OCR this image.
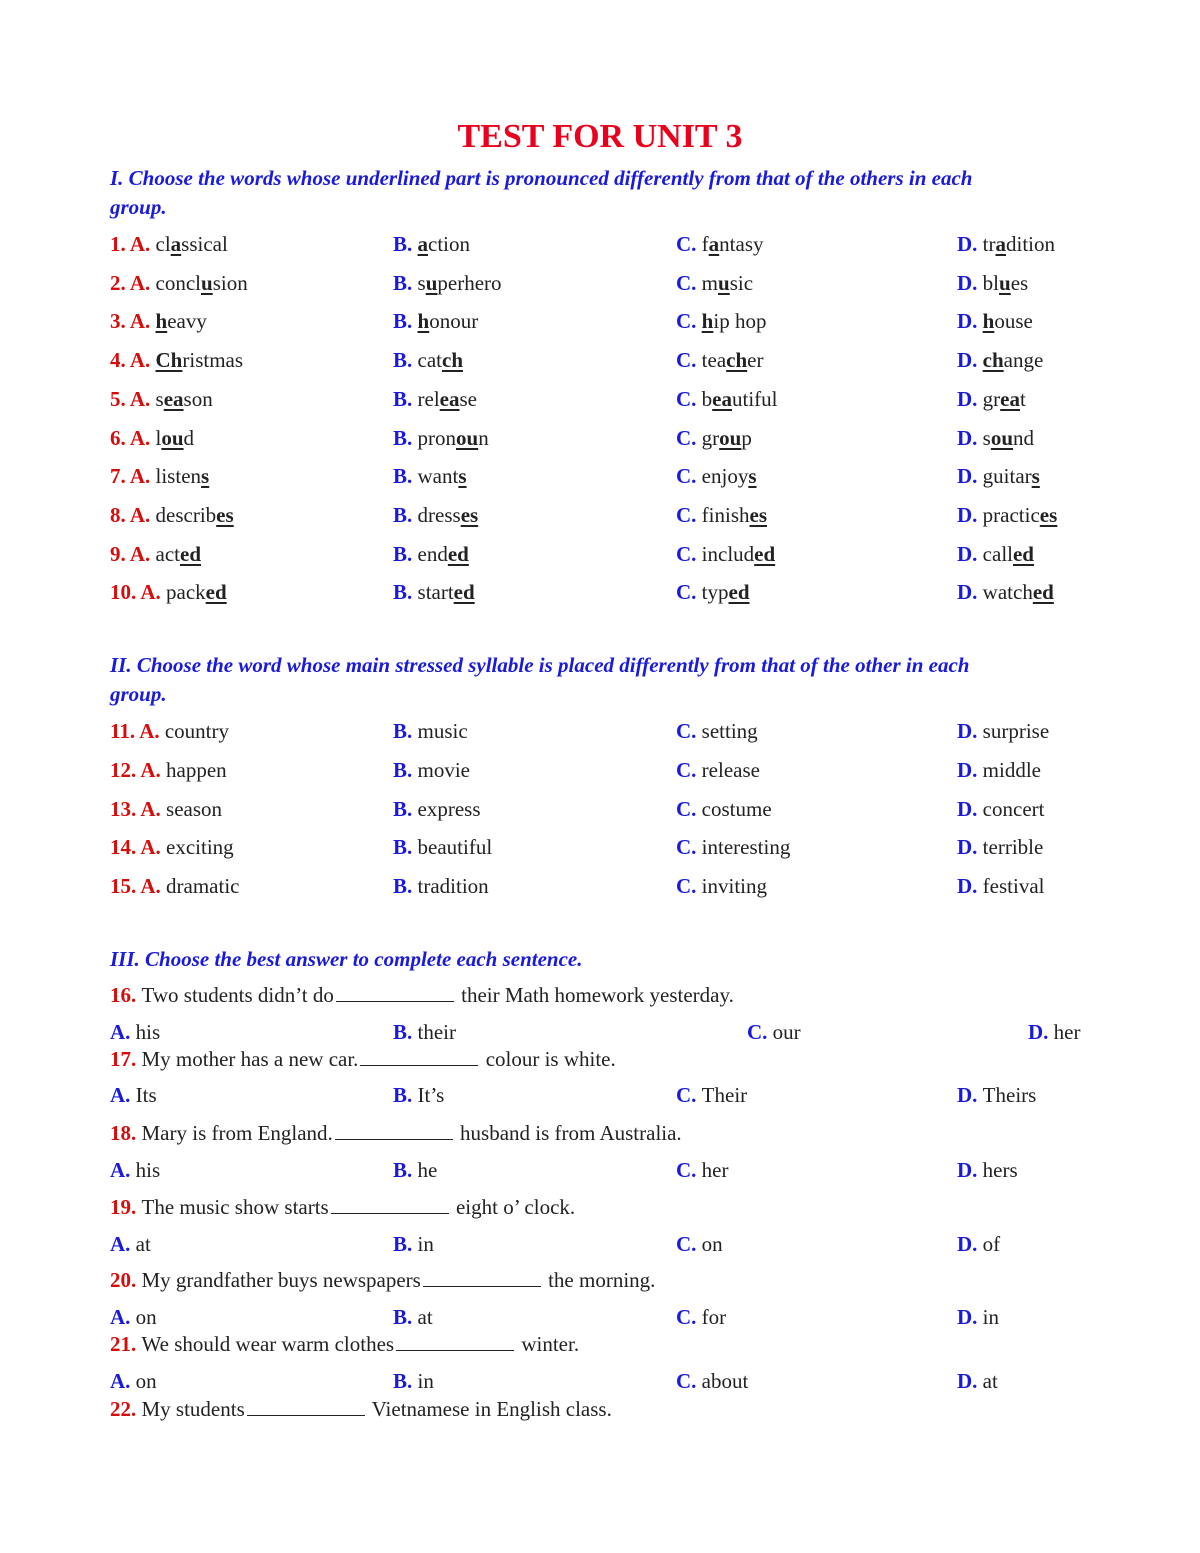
TEST FOR UNIT 3
I. Choose the words whose underlined part is pronounced differently from that of the others in each
group.
1. A. classical	B. action	C. fantasy	D. tradition
2. A. conclusion	B. superhero	C. music	D. blues
3. A. heavy	B. honour	C. hip hop	D. house
4. A. Christmas	B. catch	C. teacher	D. change
5. A. season	B. release	C. beautiful	D. great
6. A. loud	B. pronoun	C. group	D. sound
7. A. listens	B. wants	C. enjoys	D. guitars
8. A. describes	B. dresses	C. finishes	D. practices
9. A. acted	B. ended	C. included	D. called
10. A. packed	B. started	C. typed	D. watched
II. Choose the word whose main stressed syllable is placed differently from that of the other in each
group.
11. A. country	B. music	C. setting	D. surprise
12. A. happen	B. movie	C. release	D. middle
13. A. season	B. express	C. costume	D. concert
14. A. exciting	B. beautiful	C. interesting	D. terrible
15. A. dramatic	B. tradition	C. inviting	D. festival
III. Choose the best answer to complete each sentence.
16. Two students didn’t do	their Math homework yesterday.
A. his	B. their	C. our	D. her
17. My mother has a new car.	colour is white.
A. Its	B. It’s	C. Their	D. Theirs
18. Mary is from England.	husband is from Australia.
A. his	B. he	C. her	D. hers
19. The music show starts	eight o’ clock.
A. at	B. in	C. on	D. of
20. My grandfather buys newspapers	the morning.
A. on	B. at	C. for	D. in
21. We should wear warm clothes	winter.
A. on	B. in	C. about	D. at
22. My students	Vietnamese in English class.
